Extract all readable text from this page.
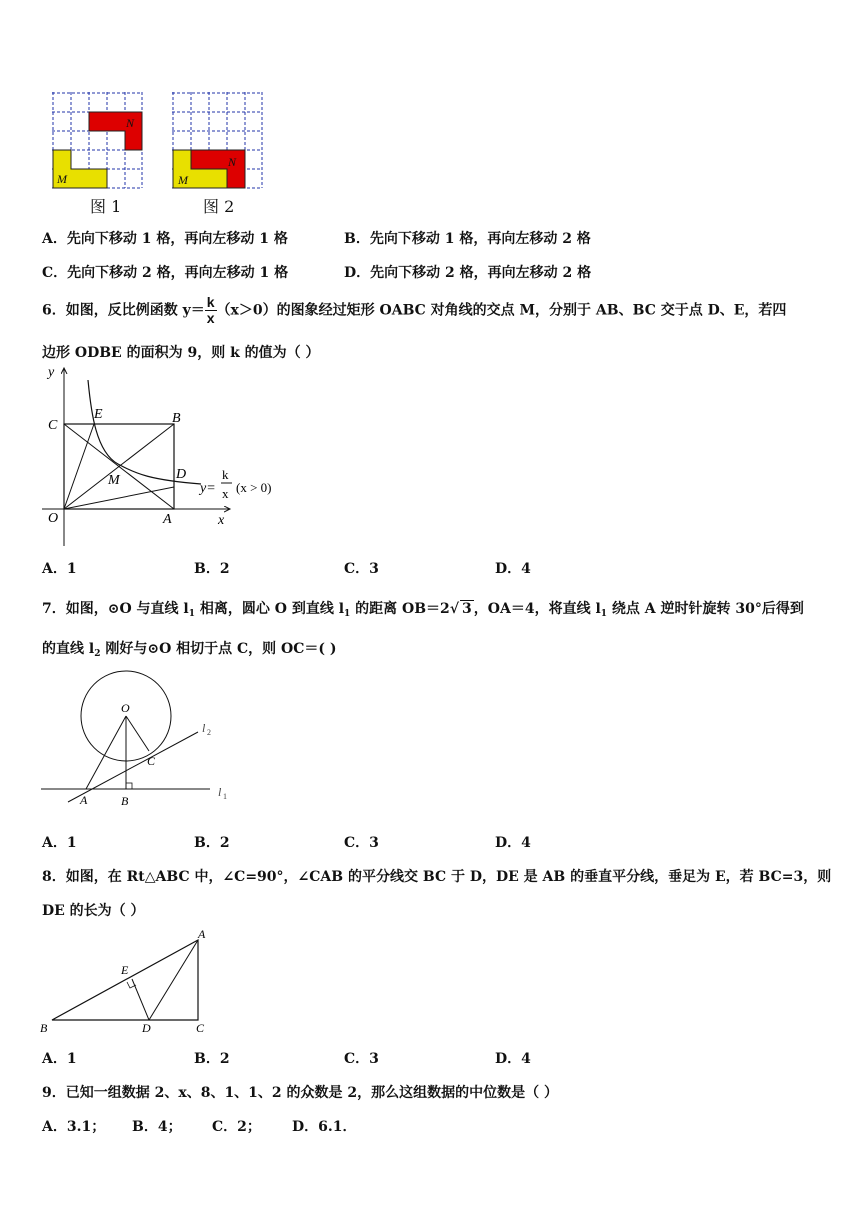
N
M
N
M
图 1	图 2
A．先向下移动 1 格，再向左移动 1 格	B．先向下移动 1 格，再向左移动 2 格
C．先向下移动 2 格，再向左移动 1 格	D．先向下移动 2 格，再向左移动 2 格
6．如图，反比例函数 $y= \frac{k}{x} (x>0)$的图象经过矩形 OABC 对角线的交点 M，分别于 AB、BC 交于点 D、E，若四
边形 ODBE 的面积为 9，则 k 的值为（ ）
y
x
O	A
B
C
D
E
M
y=
k
x (x > 0)
A．1	B．2	C．3	D．4
7．如图，⊙O 与直线 $l_1$ 相离，圆心 O 到直线 $l_1$ 的距离 OB＝2√ 3 ，OA＝4，将直线 $l_1$ 绕点 A 逆时针旋转 30°后得到
的直线 $l_2$ 刚好与⊙O 相切于点 C，则 OC＝( )
O
C
A	B
l 2
l 1
A．1	B．2	C．3	D．4
8．如图，在 Rt△ABC 中，∠C=90°，∠CAB 的平分线交 BC 于 D，DE 是 AB 的垂直平分线，垂足为 E，若 BC=3，则
DE 的长为（ ）
A
B	C
D
E
A．1	B．2	C．3	D．4
9．已知一组数据 2、x、8、1、1、2 的众数是 2，那么这组数据的中位数是（ ）
A．3.1； B．4； C．2； D．6.1．
